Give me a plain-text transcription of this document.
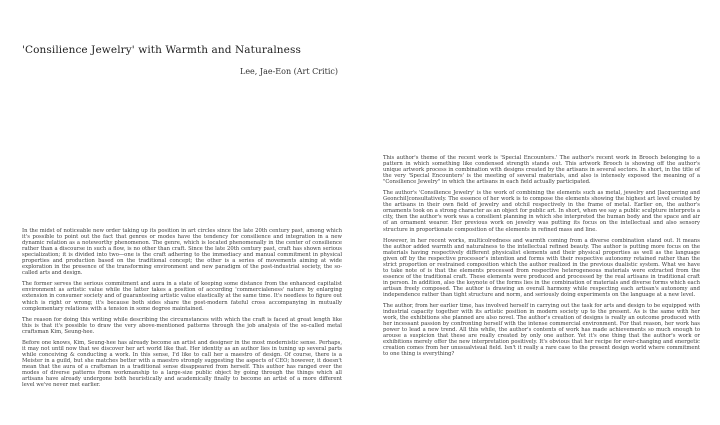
'Consilience Jewelry' with Warmth and Naturalness
Lee, Jae-Eon (Art Critic)

In the midst of noticeable new order taking up its position in art circles since the late 20th century past, among which it's possible to point out the fact that genres or modes have the tendency for consilience and integration in a new dynamic relation as a noteworthy phenomenon. The genre, which is located phenomenally in the center of consilience rather than a discourse in such a flow, is no other than craft. Since the late 20th century past, craft has shown serious specialization; it is divided into two—one is the craft adhering to the immediacy and manual commitment in physical properties and production based on the traditional concept; the other is a series of movements aiming at wide exploration in the presence of the transforming environment and new paradigm of the post-industrial society, the so-called arts and design.

The former serves the serious commitment and aura in a state of keeping some distance from the enhanced capitalist environment as artistic value while the latter takes a position of according 'commercialeness' nature by enlarging extension in consumer society and of guaranteeing artistic value elastically at the same time. It's needless to figure out which is right or wrong; it's because both sides share the post-modern fateful cross accompanying in mutually complementary relations with a tension in some degree maintained.

The reason for doing this writing while describing the circumstances with which the craft is faced at great length like this is that it's possible to draw the very above-mentioned patterns through the job analysis of the so-called metal craftsman Kim, Seung-hee.

Before one knows, Kim, Seung-hee has already become an artist and designer in the most modernistic sense. Perhaps, it may not until now that we discover her art world like that. Her identity as an author lies in tuning up several parts while conceiving & conducting a work. In this sense, I'd like to call her a maestro of design. Of course, there is a Meister in a guild, but she matches better with a maestro strongly suggesting the aspects of CEO; however, it doesn't mean that the aura of a craftsman in a traditional sense disappeared from herself. This author has ranged over the modes of diverse patterns from workmanship to a large-size public object by going through the things which all artisans have already undergone both heuristically and academically finally to become an artist of a more different level we've never met earlier.

This author's theme of the recent work is 'Special Encounters.' The author's recent work in Brooch belonging to a pattern in which something like condensed strength stands out. This artwork Brooch is showing off the author's unique artwork process in combination with designs created by the artisans in several sectors. In short, in the title of the very 'Special Encounters' is the meeting of several materials, and also is intensely exposed the meaning of a "Consilience Jewelry" in which the artisans in each field actually participated.

The author's 'Consilience Jewelry' is the work of combining the elements such as metal, jewelry and [lacquering and Geonchil]consultatively. The essence of her work is to compose the elements showing the highest art level created by the artisans in their own field of jewelry and otchil respectively in the frame of metal. Earlier on, the author's ornaments took on a strong character as an object for public art. In short, when we say a public sculpture interprets a city, then the author's work was a consilient planning in which she interpreted the human body and the space and air of an ornament wearer. Her previous work on jewelry was putting its focus on the intellectual and also sensory structure in proportionate composition of the elements in refined mass and line.

However, in her recent works, multicolredness and warmth coming from a diverse combination stand out. It means the author added warmth and naturalness to the intellectual refined beauty. The author is putting more focus on the materials having respectively different physicalist elements and their physical properties as well as the language given off by the respective processor's intention and forms with their respective autonomy retained rather than the strict proportion or restrained composition which the author realized in the previous dualistic system. What we have to take note of is that the elements processed from respective heterogeneous materials were extracted from the essence of the traditional craft. These elements were produced and processed by the real artisans in traditional craft in person. In addition, also the keynote of the forms lies in the combination of materials and diverse forms which each artisan freely composed. The author is drawing an overall harmony while respecting each artisan's autonomy and independence rather than tight structure and norm, and seriously doing experiments on the language at a new level.

The author, from her earlier time, has involved herself in carrying out the task for arts and design to be equipped with industrial capacity together with its artistic position in modern society up to the present. As is the same with her work, the exhibitions she planned are also novel. The author's creation of designs is really an outcome produced with her incessant passion by confronting herself with the intense commercial environment. For that reason, her work has power to lead a new trend. All this while, the author's contents of work has made achievements so much enough to arouse a suspicion that these are really created by only one author. Yet it's one thing that the author's work or exhibitions merely offer the new interpretation positively. It's obvious that her recipe for ever-changing and energetic creation comes from her unusualvisual field. Isn't it really a rare case to the present design world where commitment to one thing is everything?
